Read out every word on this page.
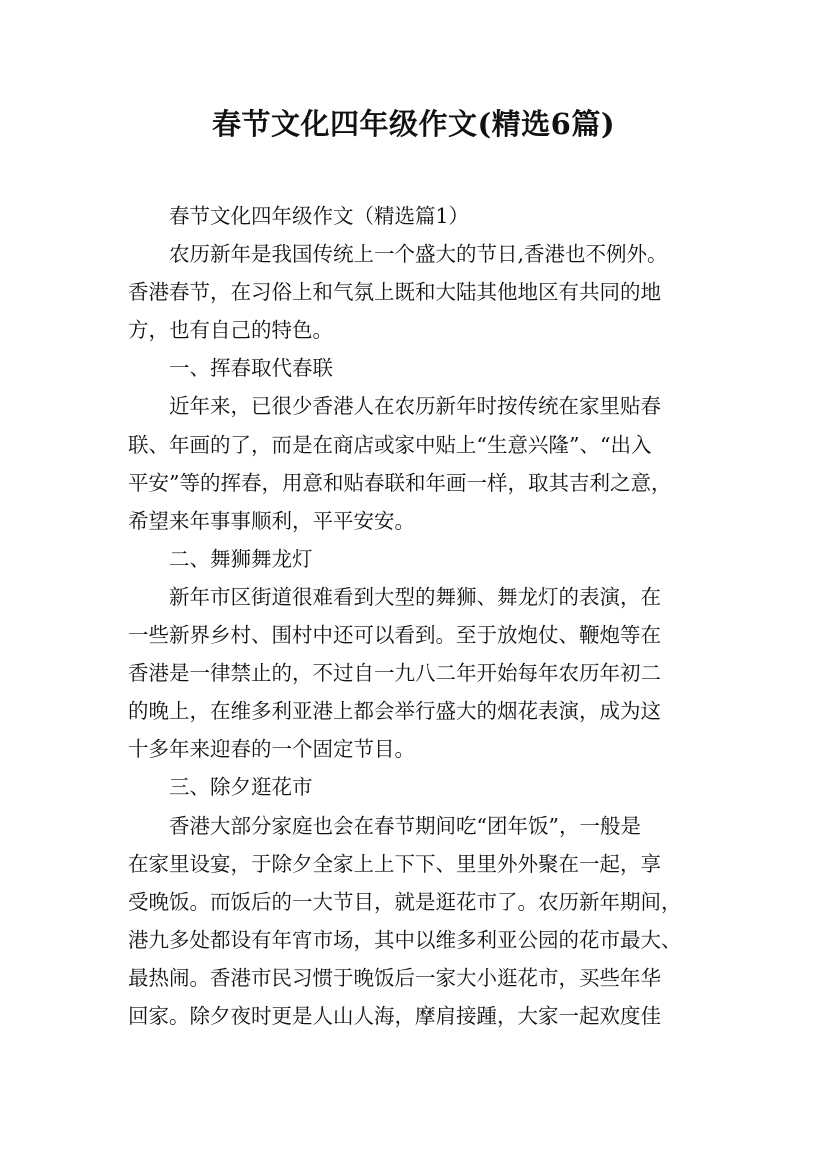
春节文化四年级作文(精选6篇)
春节文化四年级作文（精选篇1）
农历新年是我国传统上一个盛大的节日,香港也不例外。
香港春节，在习俗上和气氛上既和大陆其他地区有共同的地
方，也有自己的特色。
一、挥春取代春联
近年来，已很少香港人在农历新年时按传统在家里贴春
联、年画的了，而是在商店或家中贴上“生意兴隆”、“出入
平安”等的挥春，用意和贴春联和年画一样，取其吉利之意，
希望来年事事顺利，平平安安。
二、舞狮舞龙灯
新年市区街道很难看到大型的舞狮、舞龙灯的表演，在
一些新界乡村、围村中还可以看到。至于放炮仗、鞭炮等在
香港是一律禁止的，不过自一九八二年开始每年农历年初二
的晚上，在维多利亚港上都会举行盛大的烟花表演，成为这
十多年来迎春的一个固定节目。
三、除夕逛花市
香港大部分家庭也会在春节期间吃“团年饭”，一般是
在家里设宴，于除夕全家上上下下、里里外外聚在一起，享
受晚饭。而饭后的一大节目，就是逛花市了。农历新年期间，
港九多处都设有年宵市场，其中以维多利亚公园的花市最大、
最热闹。香港市民习惯于晚饭后一家大小逛花市，买些年华
回家。除夕夜时更是人山人海，摩肩接踵，大家一起欢度佳
